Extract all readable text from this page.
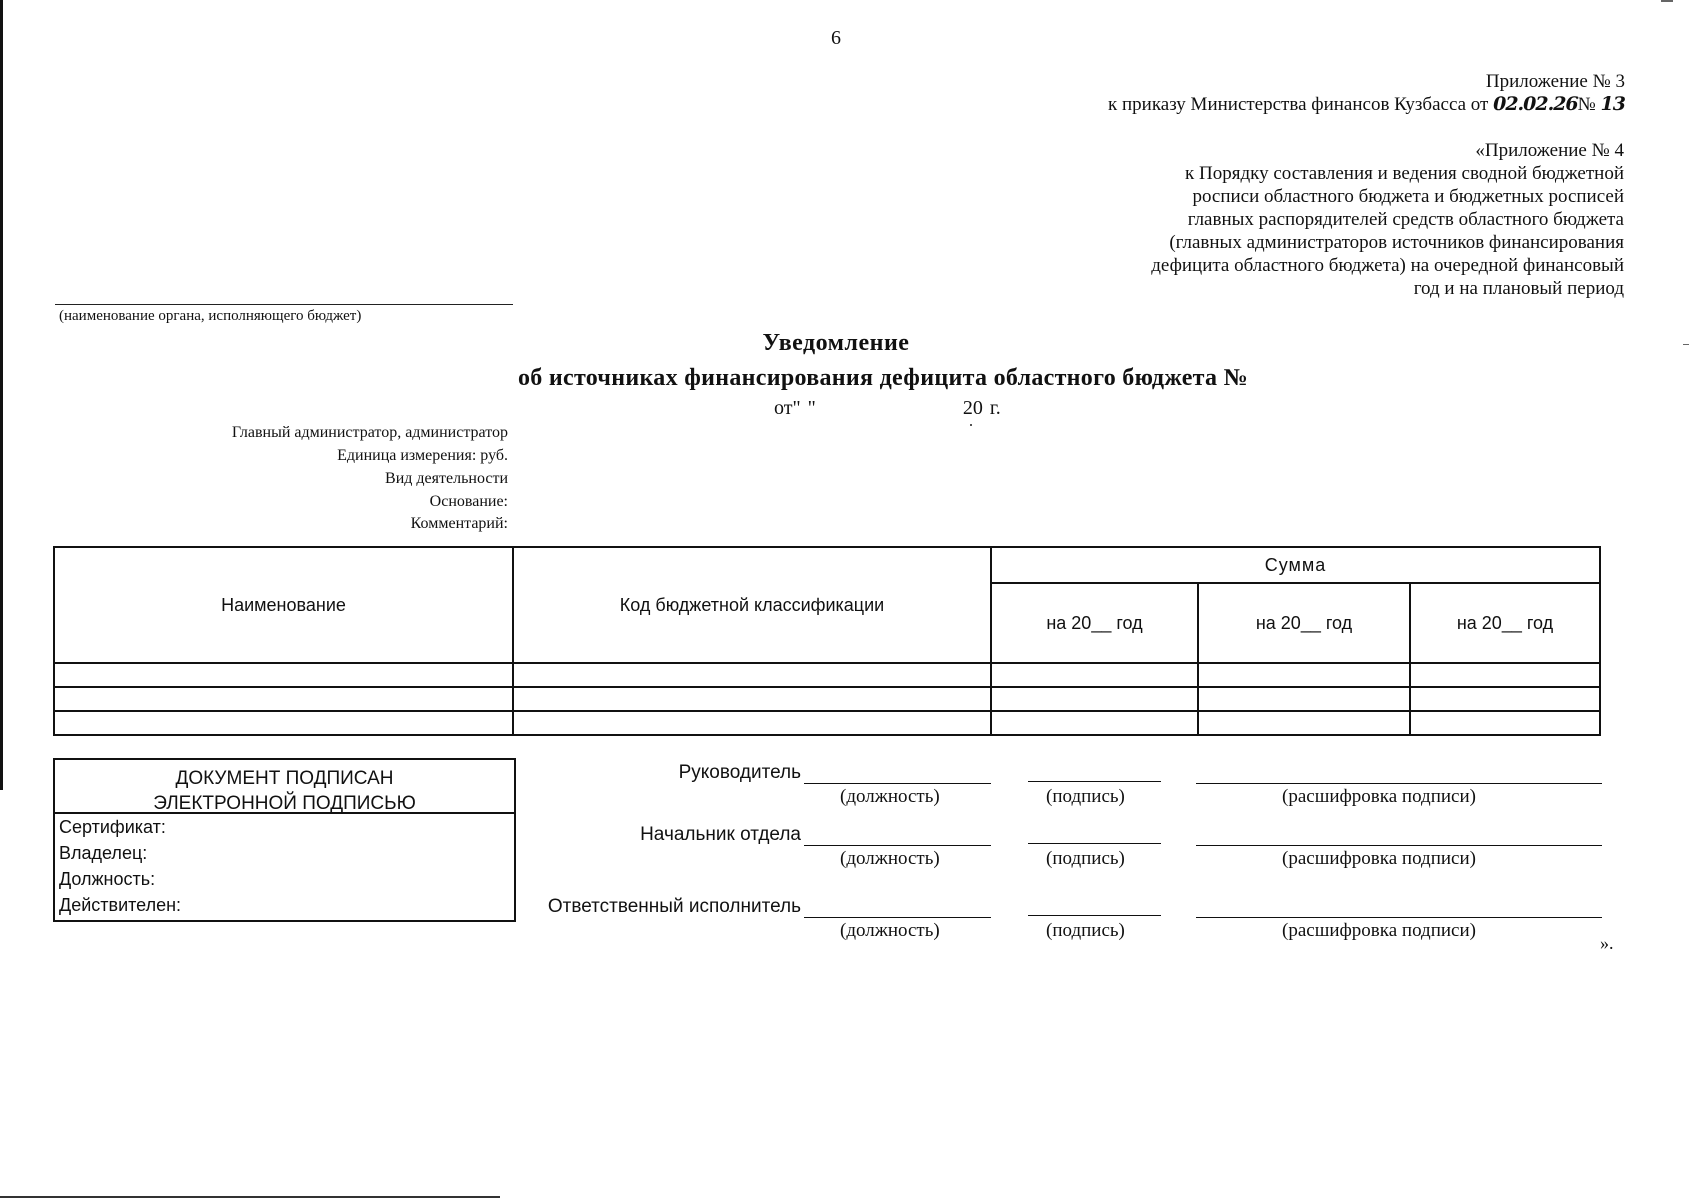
6
Приложение № 3
к приказу Министерства финансов Кузбасса от 02.02.26№ 13
«Приложение № 4
к Порядку составления и ведения сводной бюджетной
росписи областного бюджета и бюджетных росписей
главных распорядителей средств областного бюджета
(главных администраторов источников финансирования
дефицита областного бюджета) на очередной финансовый
год и на плановый период
(наименование органа, исполняющего бюджет)
Уведомление
об источниках финансирования дефицита областного бюджета №
от" "	20 г.
Главный администратор, администратор
Единица измерения: руб.
Вид деятельности
Основание:
Комментарий:
Наименование	Код бюджетной классификации	Сумма		
		на 20__ год	на 20__ год	на 20__ год

ДОКУМЕНТ ПОДПИСАН
ЭЛЕКТРОННОЙ ПОДПИСЬЮ
Сертификат:
Владелец:
Должность:
Действителен:
Руководитель
(должность)	(подпись)	(расшифровка подписи)
Начальник отдела
(должность)	(подпись)	(расшифровка подписи)
Ответственный исполнитель
(должность)	(подпись)	(расшифровка подписи)
».
